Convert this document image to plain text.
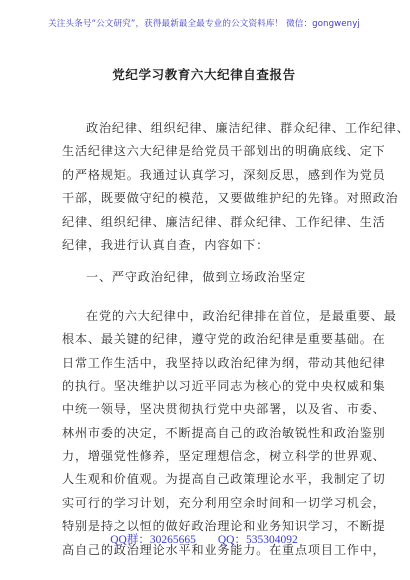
关注头条号“公文研究”，获得最新最全最专业的公文资料库！ 微信：gongwenyj
党纪学习教育六大纪律自查报告
政治纪律、组织纪律、廉洁纪律、群众纪律、工作纪律、
生活纪律这六大纪律是给党员干部划出的明确底线、定下
的严格规矩。我通过认真学习，深刻反思，感到作为党员
干部，既要做守纪的模范，又要做维护纪的先锋。对照政治
纪律、组织纪律、廉洁纪律、群众纪律、工作纪律、生活
纪律，我进行认真自查，内容如下：
一、严守政治纪律，做到立场政治坚定
在党的六大纪律中，政治纪律排在首位，是最重要、最
根本、最关键的纪律，遵守党的政治纪律是重要基础。在
日常工作生活中，我坚持以政治纪律为纲，带动其他纪律
的执行。坚决维护以习近平同志为核心的党中央权威和集
中统一领导，坚决贯彻执行党中央部署，以及省、市委、
林州市委的决定，不断提高自己的政治敏锐性和政治鉴别
力，增强党性修养，坚定理想信念，树立科学的世界观、
人生观和价值观。为提高自己政策理论水平，我制定了切
实可行的学习计划，充分利用空余时间和一切学习机会，
特别是持之以恒的做好政治理论和业务知识学习，不断提
高自己的政治理论水平和业务能力。在重点项目工作中，
QQ群：30265665 QQ：535304092
